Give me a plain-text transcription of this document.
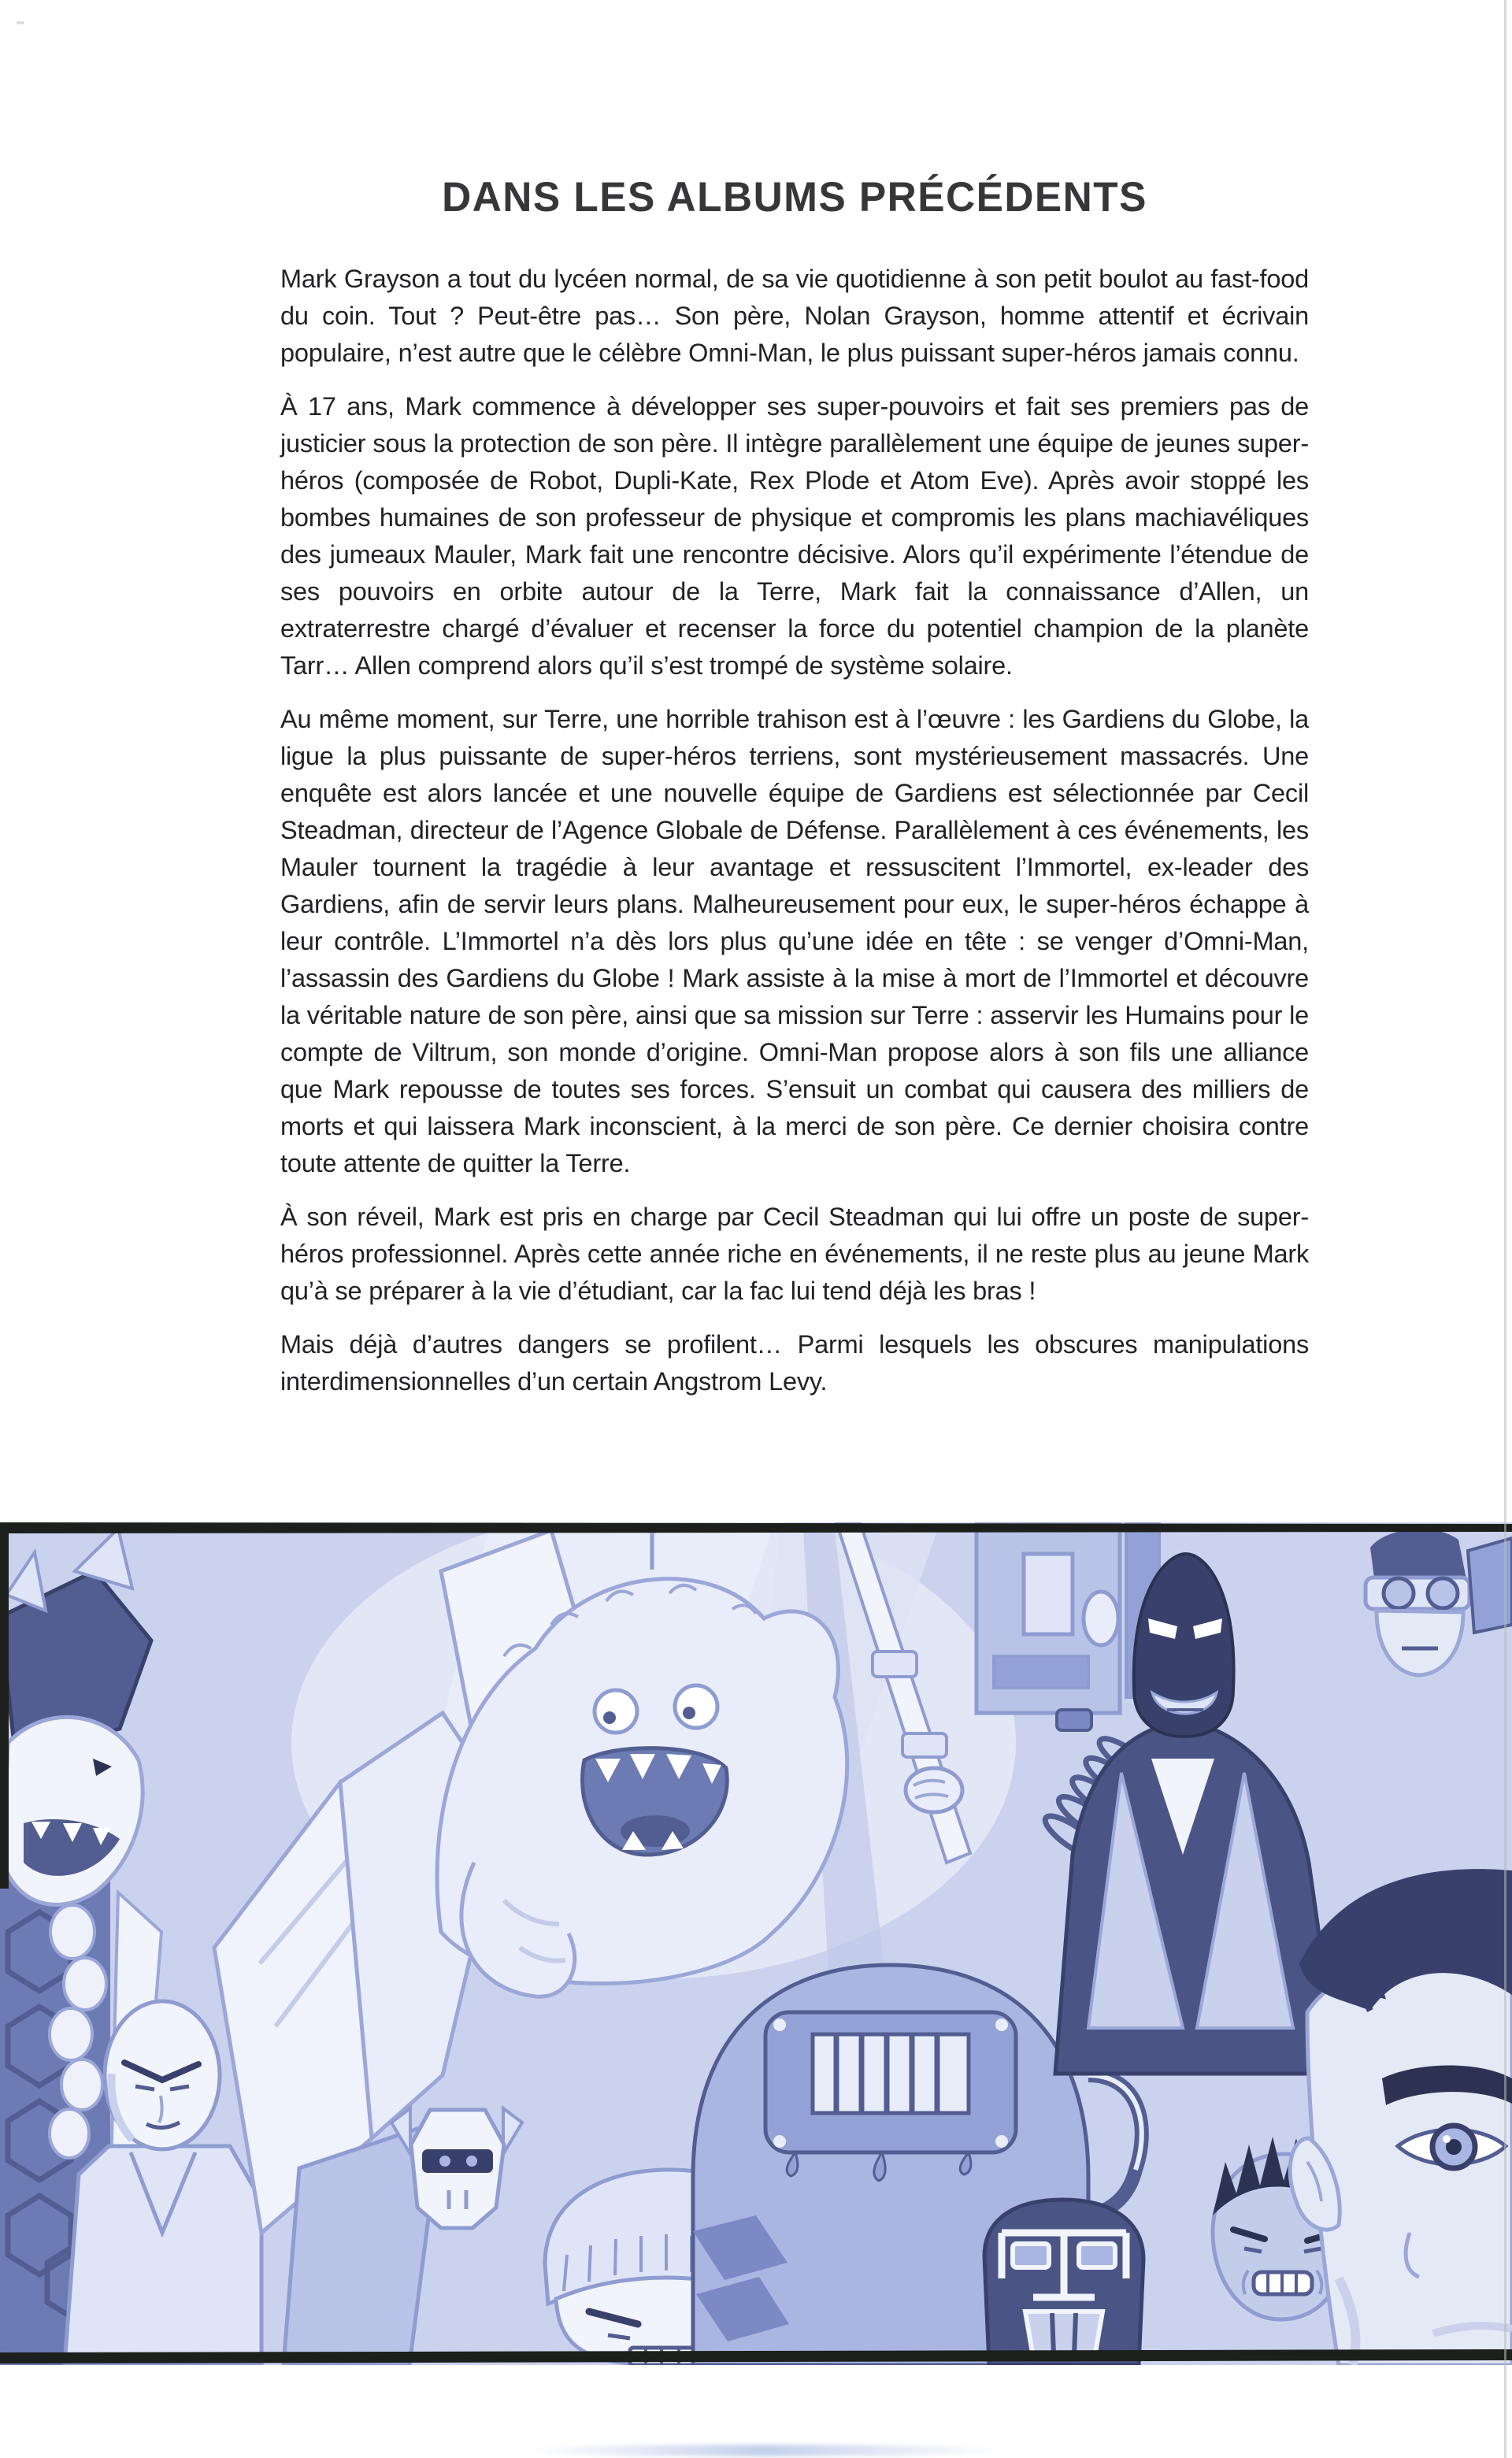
DANS LES ALBUMS PRÉCÉDENTS

Mark Grayson a tout du lycéen normal, de sa vie quotidienne à son petit boulot au fast-food du coin. Tout ? Peut-être pas… Son père, Nolan Grayson, homme attentif et écrivain populaire, n’est autre que le célèbre Omni-Man, le plus puissant super-héros jamais connu.

À 17 ans, Mark commence à développer ses super-pouvoirs et fait ses premiers pas de justicier sous la protection de son père. Il intègre parallèlement une équipe de jeunes super-héros (composée de Robot, Dupli-Kate, Rex Plode et Atom Eve). Après avoir stoppé les bombes humaines de son professeur de physique et compromis les plans machiavéliques des jumeaux Mauler, Mark fait une rencontre décisive. Alors qu’il expérimente l’étendue de ses pouvoirs en orbite autour de la Terre, Mark fait la connaissance d’Allen, un extraterrestre chargé d’évaluer et recenser la force du potentiel champion de la planète Tarr… Allen comprend alors qu’il s’est trompé de système solaire.

Au même moment, sur Terre, une horrible trahison est à l’œuvre : les Gardiens du Globe, la ligue la plus puissante de super-héros terriens, sont mystérieusement massacrés. Une enquête est alors lancée et une nouvelle équipe de Gardiens est sélectionnée par Cecil Steadman, directeur de l’Agence Globale de Défense. Parallèlement à ces événements, les Mauler tournent la tragédie à leur avantage et ressuscitent l’Immortel, ex-leader des Gardiens, afin de servir leurs plans. Malheureusement pour eux, le super-héros échappe à leur contrôle. L’Immortel n’a dès lors plus qu’une idée en tête : se venger d’Omni-Man, l’assassin des Gardiens du Globe ! Mark assiste à la mise à mort de l’Immortel et découvre la véritable nature de son père, ainsi que sa mission sur Terre : asservir les Humains pour le compte de Viltrum, son monde d’origine. Omni-Man propose alors à son fils une alliance que Mark repousse de toutes ses forces. S’ensuit un combat qui causera des milliers de morts et qui laissera Mark inconscient, à la merci de son père. Ce dernier choisira contre toute attente de quitter la Terre.

À son réveil, Mark est pris en charge par Cecil Steadman qui lui offre un poste de super-héros professionnel. Après cette année riche en événements, il ne reste plus au jeune Mark qu’à se préparer à la vie d’étudiant, car la fac lui tend déjà les bras !

Mais déjà d’autres dangers se profilent… Parmi lesquels les obscures manipulations interdimensionnelles d’un certain Angstrom Levy.
